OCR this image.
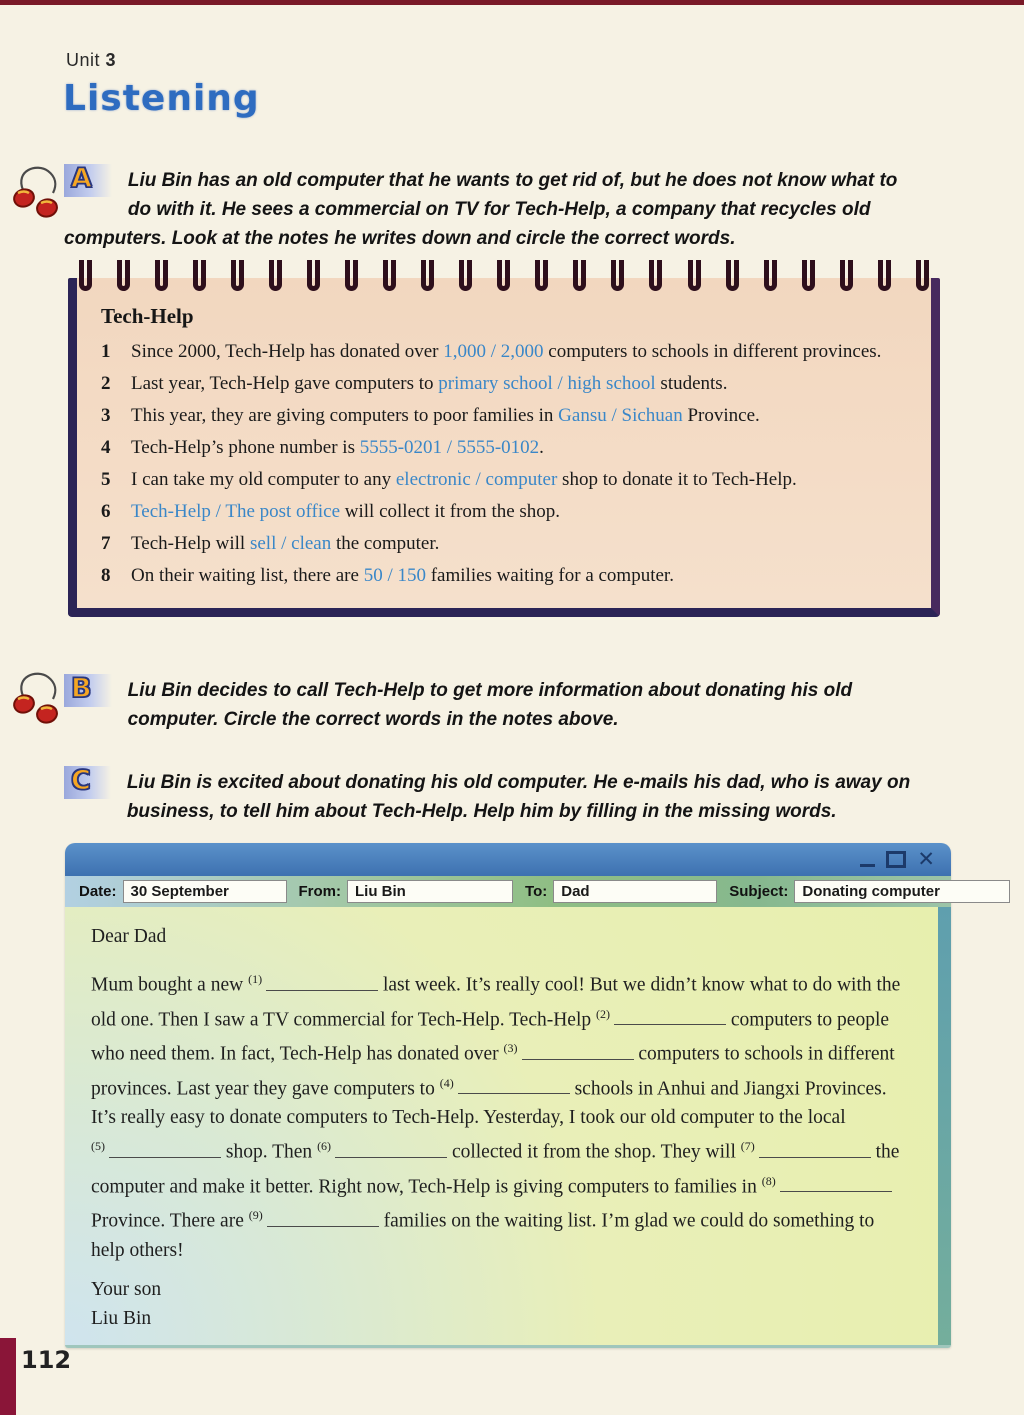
Unit 3
Listening
A	Liu Bin has an old computer that he wants to get rid of, but he does not know what to do with it. He sees a commercial on TV for Tech-Help, a company that recycles old computers. Look at the notes he writes down and circle the correct words.
Tech-Help
1 Since 2000, Tech-Help has donated over 1,000 / 2,000 computers to schools in different provinces.
2 Last year, Tech-Help gave computers to primary school / high school students.
3 This year, they are giving computers to poor families in Gansu / Sichuan Province.
4 Tech-Help’s phone number is 5555-0201 / 5555-0102.
5 I can take my old computer to any electronic / computer shop to donate it to Tech-Help.
6 Tech-Help / The post office will collect it from the shop.
7 Tech-Help will sell / clean the computer.
8 On their waiting list, there are 50 / 150 families waiting for a computer.
B	Liu Bin decides to call Tech-Help to get more information about donating his old computer. Circle the correct words in the notes above.
C	Liu Bin is excited about donating his old computer. He e-mails his dad, who is away on business, to tell him about Tech-Help. Help him by filling in the missing words.
✕
Date: 30 September	From: Liu Bin	To: Dad	Subject: Donating computer

Dear Dad

Mum bought a new $^{(1)}$	last week. It’s really cool! But we didn’t know what to do with the old one. Then I saw a TV commercial for Tech-Help. Tech-Help $^{(2)}$	computers to people who need them. In fact, Tech-Help has donated over $^{(3)}$	computers to schools in different provinces. Last year they gave computers to $^{(4)}$	schools in Anhui and Jiangxi Provinces. It’s really easy to donate computers to Tech-Help. Yesterday, I took our old computer to the local $^{(5)}$	shop. Then $^{(6)}$	collected it from the shop. They will $^{(7)}$	the computer and make it better. Right now, Tech-Help is giving computers to families in $^{(8)}$ Province. There are $^{(9)}$	families on the waiting list. I’m glad we could do something to help others!

Your son

Liu Bin

112
